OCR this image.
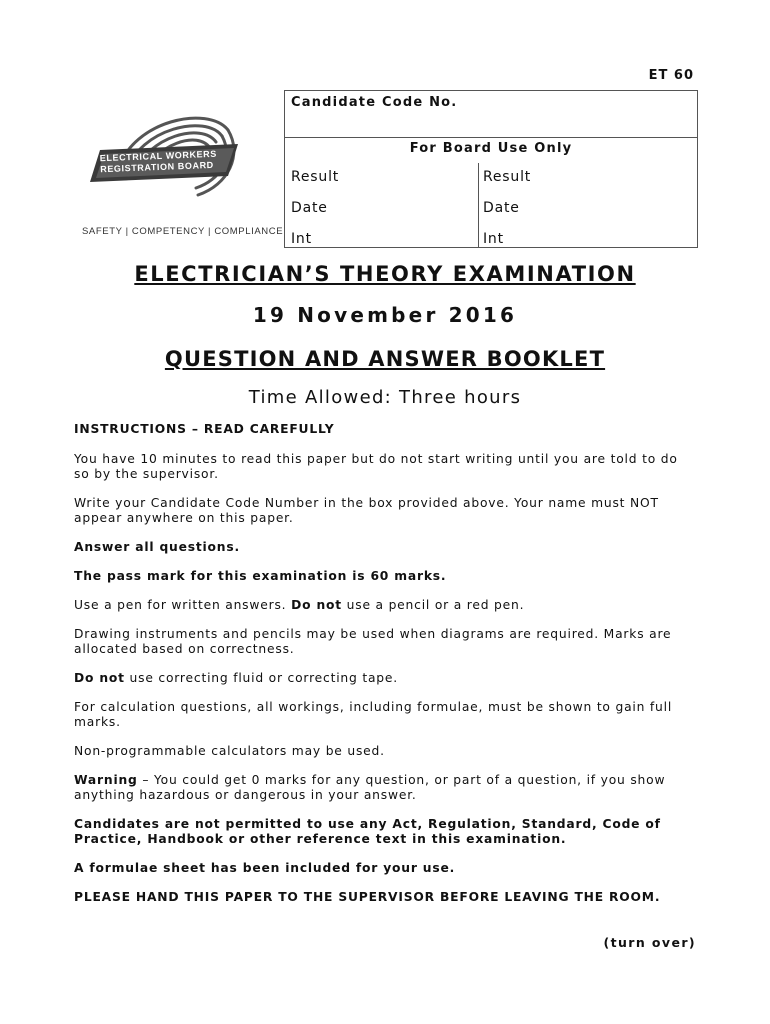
ET 60
ELECTRICAL WORKERS
REGISTRATION BOARD
SAFETY | COMPETENCY | COMPLIANCE
Candidate Code No.
For Board Use Only
Result
Date
Int
Result
Date
Int
ELECTRICIAN’S THEORY EXAMINATION
19 November 2016
QUESTION AND ANSWER BOOKLET
Time Allowed: Three hours

INSTRUCTIONS – READ CAREFULLY

You have 10 minutes to read this paper but do not start writing until you are told to do so by the supervisor.

Write your Candidate Code Number in the box provided above. Your name must NOT appear anywhere on this paper.

Answer all questions.

The pass mark for this examination is 60 marks.

Use a pen for written answers. Do not use a pencil or a red pen.

Drawing instruments and pencils may be used when diagrams are required. Marks are allocated based on correctness.

Do not use correcting fluid or correcting tape.

For calculation questions, all workings, including formulae, must be shown to gain full marks.

Non-programmable calculators may be used.

Warning – You could get 0 marks for any question, or part of a question, if you show anything hazardous or dangerous in your answer.

Candidates are not permitted to use any Act, Regulation, Standard, Code of Practice, Handbook or other reference text in this examination.

A formulae sheet has been included for your use.

PLEASE HAND THIS PAPER TO THE SUPERVISOR BEFORE LEAVING THE ROOM.

(turn over)
